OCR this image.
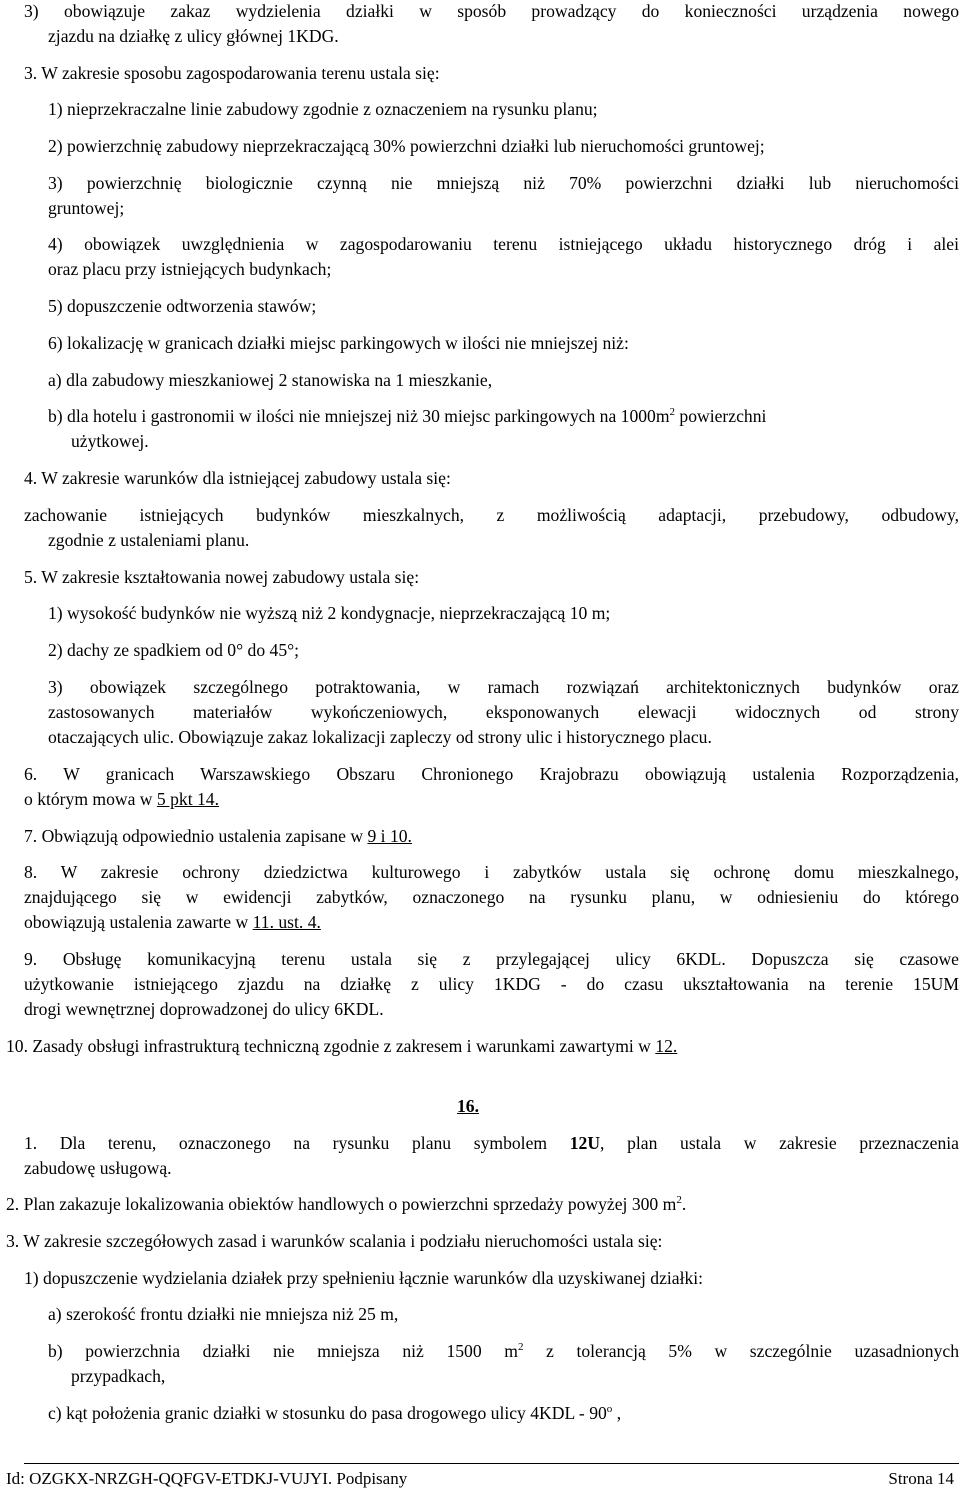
3) obowiązuje zakaz wydzielenia działki w sposób prowadzący do konieczności urządzenia nowego
zjazdu na działkę z ulicy głównej 1KDG.
3. W zakresie sposobu zagospodarowania terenu ustala się:
1) nieprzekraczalne linie zabudowy zgodnie z oznaczeniem na rysunku planu;
2) powierzchnię zabudowy nieprzekraczającą 30% powierzchni działki lub nieruchomości gruntowej;
3) powierzchnię biologicznie czynną nie mniejszą niż 70% powierzchni działki lub nieruchomości
gruntowej;
4) obowiązek uwzględnienia w zagospodarowaniu terenu istniejącego układu historycznego dróg i alei
oraz placu przy istniejących budynkach;
5) dopuszczenie odtworzenia stawów;
6) lokalizację w granicach działki miejsc parkingowych w ilości nie mniejszej niż:
a) dla zabudowy mieszkaniowej 2 stanowiska na 1 mieszkanie,
b) dla hotelu i gastronomii w ilości nie mniejszej niż 30 miejsc parkingowych na $1000m^2$ powierzchni
użytkowej.
4. W zakresie warunków dla istniejącej zabudowy ustala się:
zachowanie istniejących budynków mieszkalnych, z możliwością adaptacji, przebudowy, odbudowy,
zgodnie z ustaleniami planu.
5. W zakresie kształtowania nowej zabudowy ustala się:
1) wysokość budynków nie wyższą niż 2 kondygnacje, nieprzekraczającą 10 m;
2) dachy ze spadkiem od 0° do 45°;
3) obowiązek szczególnego potraktowania, w ramach rozwiązań architektonicznych budynków oraz
zastosowanych materiałów wykończeniowych, eksponowanych elewacji widocznych od strony
otaczających ulic. Obowiązuje zakaz lokalizacji zapleczy od strony ulic i historycznego placu.
6. W granicach Warszawskiego Obszaru Chronionego Krajobrazu obowiązują ustalenia Rozporządzenia,
o którym mowa w 5 pkt 14.
7. Obwiązują odpowiednio ustalenia zapisane w 9 i 10.
8. W zakresie ochrony dziedzictwa kulturowego i zabytków ustala się ochronę domu mieszkalnego,
znajdującego się w ewidencji zabytków, oznaczonego na rysunku planu, w odniesieniu do którego
obowiązują ustalenia zawarte w 11. ust. 4.
9. Obsługę komunikacyjną terenu ustala się z przylegającej ulicy 6KDL. Dopuszcza się czasowe
użytkowanie istniejącego zjazdu na działkę z ulicy 1KDG - do czasu ukształtowania na terenie 15UM
drogi wewnętrznej doprowadzonej do ulicy 6KDL.
10. Zasady obsługi infrastrukturą techniczną zgodnie z zakresem i warunkami zawartymi w 12.
16.
1. Dla terenu, oznaczonego na rysunku planu symbolem 12U, plan ustala w zakresie przeznaczenia
zabudowę usługową.
2. Plan zakazuje lokalizowania obiektów handlowych o powierzchni sprzedaży powyżej 300 $m^2$.
3. W zakresie szczegółowych zasad i warunków scalania i podziału nieruchomości ustala się:
1) dopuszczenie wydzielania działek przy spełnieniu łącznie warunków dla uzyskiwanej działki:
a) szerokość frontu działki nie mniejsza niż 25 m,
b) powierzchnia działki nie mniejsza niż 1500 $m^2$ z tolerancją 5% w szczególnie uzasadnionych
przypadkach,
c) kąt położenia granic działki w stosunku do pasa drogowego ulicy 4KDL - 90$^o$ ,
Id: OZGKX-NRZGH-QQFGV-ETDKJ-VUJYI. Podpisany	Strona 14
